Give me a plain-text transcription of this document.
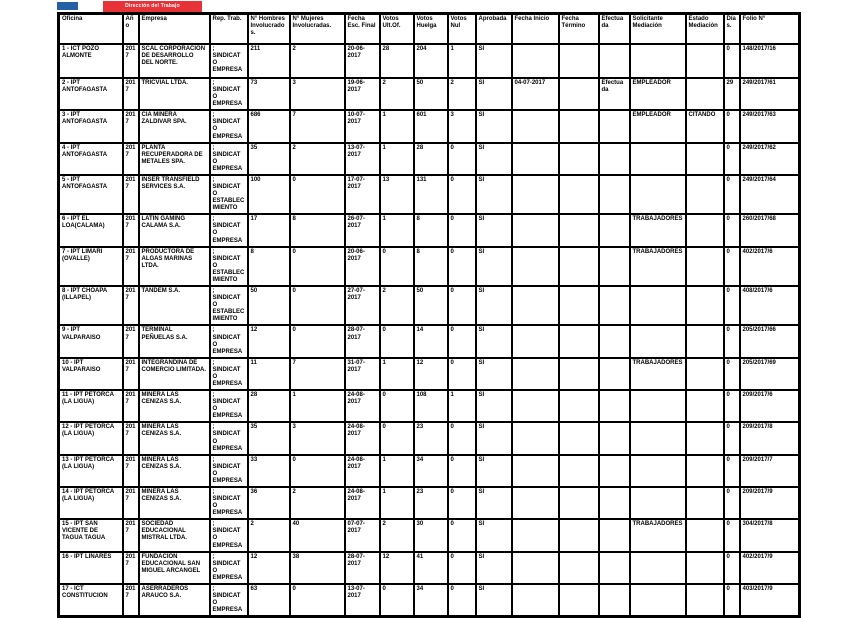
Dirección del Trabajo
Oficina	Año	Empresa	Rep. Trab.	N° Hombres Involucrados.	N° Mujeres Involucradas.	Fecha Esc. Final	Votos Ult.Of.	Votos Huelga	Votos Nul	Aprobada	Fecha Inicio	Fecha Término	Efectuada	Solicitante Mediación	Estado Mediación	Días.	Folio N°
1 - ICT POZO ALMONTE	2017	SCAL CORPORACION DE DESARROLLO DEL NORTE.	; SINDICATO EMPRESA	211	2	20-06-2017	28	204	1	SI						0	148/2017/16
2 - IPT ANTOFAGASTA	2017	TRICVIAL LTDA.	; SINDICATO EMPRESA	73	3	19-06-2017	2	50	2	SI	04-07-2017		Efectuada	EMPLEADOR		29	249/2017/61
3 - IPT ANTOFAGASTA	2017	CIA MINERA ZALDIVAR SPA.	; SINDICATO EMPRESA	686	7	10-07-2017	1	601	3	SI				EMPLEADOR	CITANDO	0	249/2017/63
4 - IPT ANTOFAGASTA	2017	PLANTA RECUPERADORA DE METALES SPA.	; SINDICATO EMPRESA	35	2	13-07-2017	1	28	0	SI						0	249/2017/62
5 - IPT ANTOFAGASTA	2017	INSER TRANSFIELD SERVICES S.A.	; SINDICATO ESTABLECIMIENTO	100	0	17-07-2017	13	131	0	SI						0	249/2017/64
6 - IPT EL LOA(CALAMA)	2017	LATIN GAMING CALAMA S.A.	; SINDICATO EMPRESA	17	8	26-07-2017	1	8	0	SI				TRABAJADORES		0	260/2017/68
7 - IPT LIMARI (OVALLE)	2017	PRODUCTORA DE ALGAS MARINAS LTDA.	; SINDICATO ESTABLECIMIENTO	8	0	20-06-2017	0	8	0	SI				TRABAJADORES		0	402/2017/6
8 - IPT CHOAPA (ILLAPEL)	2017	TANDEM S.A.	; SINDICATO ESTABLECIMIENTO	50	0	27-07-2017	2	50	0	SI						0	408/2017/6
9 - IPT VALPARAISO	2017	TERMINAL PEÑUELAS S.A.	; SINDICATO EMPRESA	12	0	28-07-2017	0	14	0	SI						0	205/2017/66
10 - IPT VALPARAISO	2017	INTEGRANDINA DE COMERCIO LIMITADA.	; SINDICATO EMPRESA	11	7	31-07-2017	1	12	0	SI				TRABAJADORES		0	205/2017/69
11 - IPT PETORCA (LA LIGUA)	2017	MINERA LAS CENIZAS S.A.	; SINDICATO EMPRESA	28	1	24-08-2017	0	108	1	SI						0	209/2017/6
12 - IPT PETORCA (LA LIGUA)	2017	MINERA LAS CENIZAS S.A.	; SINDICATO EMPRESA	35	3	24-08-2017	0	23	0	SI						0	209/2017/8
13 - IPT PETORCA (LA LIGUA)	2017	MINERA LAS CENIZAS S.A.	; SINDICATO EMPRESA	33	0	24-08-2017	1	34	0	SI						0	209/2017/7
14 - IPT PETORCA (LA LIGUA)	2017	MINERA LAS CENIZAS S.A.	; SINDICATO EMPRESA	36	2	24-08-2017	1	23	0	SI						0	209/2017/9
15 - IPT SAN VICENTE DE TAGUA TAGUA	2017	SOCIEDAD EDUCACIONAL MISTRAL LTDA.	; SINDICATO EMPRESA	2	40	07-07-2017	2	30	0	SI				TRABAJADORES		0	304/2017/8
16 - IPT LINARES	2017	FUNDACION EDUCACIONAL SAN MIGUEL ARCANGEL	; SINDICATO EMPRESA	12	38	28-07-2017	12	41	0	SI						0	402/2017/9
17 - ICT CONSTITUCION	2017	ASERRADEROS ARAUCO S.A.	; SINDICATO EMPRESA	63	0	13-07-2017	0	34	0	SI						0	403/2017/9
